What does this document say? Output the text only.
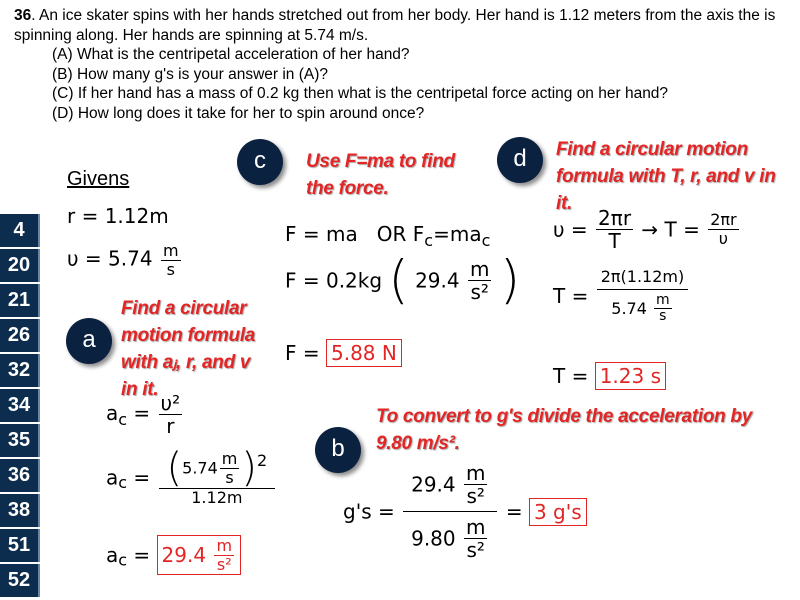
36. An ice skater spins with her hands stretched out from her body. Her hand is 1.12 meters from the axis the is spinning along. Her hands are spinning at 5.74 m/s.
(A) What is the centripetal acceleration of her hand?
(B) How many g's is your answer in (A)?
(C) If her hand has a mass of 0.2 kg then what is the centripetal force acting on her hand?
(D) How long does it take for her to spin around once?
4
20
21
26
32
34
35
36
38
51
52
c	d
a
b
Use F=ma to find the force.
Find a circular motion formula with T, r, and v in it.
Find a circular motion formula with aⱼ, r, and v in it.
To convert to g's divide the acceleration by 9.80 m/s².
Givens
r = 1.12m
$\upsilon = 5.74 \frac{m}{s}$
$a_c = \frac{\text{υ²}}{r}$
$a_c = \frac{(5.74 \frac{m}{s} )^2}{1.12m}$
$a_c = 29.4 \frac{m}{\text{s²}}$
F = ma OR $F_c=ma_c$
F = 0.2kg ( $29.4 \frac{m}{\text{s²}}$ )
F = 5.88 N
$g's = \frac{29.4 \frac{m}{\text{s²}}}{9.80 \frac{m}{\text{s²}}} = 3$ g's
$\upsilon = \frac{2\pi r}{T} \to T = \frac{2\pi r}{\upsilon}$
$T = \frac{2\pi(1.12m)}{5.74 \frac{m}{s}}$
T = 1.23 s
